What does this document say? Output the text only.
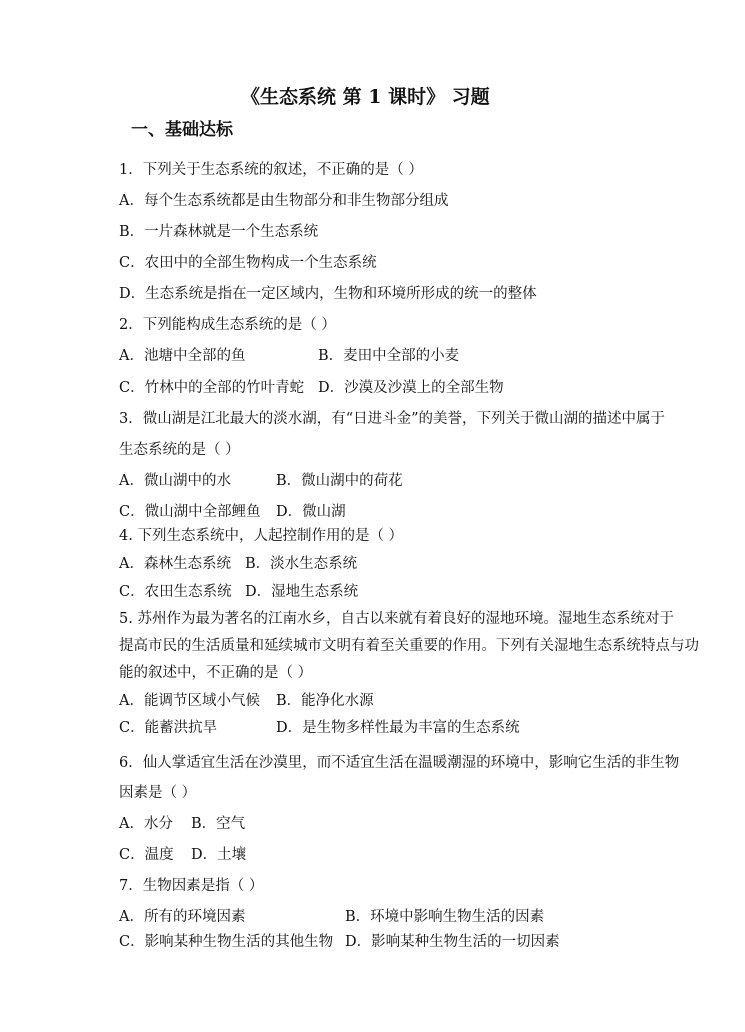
《生态系统 第 1 课时》 习题
一、基础达标
1．下列关于生态系统的叙述，不正确的是（ ）
A．每个生态系统都是由生物部分和非生物部分组成
B．一片森林就是一个生态系统
C．农田中的全部生物构成一个生态系统
D．生态系统是指在一定区域内，生物和环境所形成的统一的整体
2．下列能构成生态系统的是（ ）
A．池塘中全部的鱼	B．麦田中全部的小麦
C．竹林中的全部的竹叶青蛇 D．沙漠及沙漠上的全部生物
3．微山湖是江北最大的淡水湖，有“日进斗金”的美誉，下列关于微山湖的描述中属于
生态系统的是（ ）
A．微山湖中的水	B．微山湖中的荷花
C．微山湖中全部鲤鱼 D．微山湖
4. 下列生态系统中，人起控制作用的是（ ）
A．森林生态系统 B．淡水生态系统
C．农田生态系统 D．湿地生态系统
5. 苏州作为最为著名的江南水乡，自古以来就有着良好的湿地环境。湿地生态系统对于
提高市民的生活质量和延续城市文明有着至关重要的作用。下列有关湿地生态系统特点与功
能的叙述中，不正确的是（ ）
A．能调节区域小气候 B．能净化水源
C．能蓄洪抗旱	D．是生物多样性最为丰富的生态系统
6．仙人掌适宜生活在沙漠里，而不适宜生活在温暖潮湿的环境中，影响它生活的非生物
因素是（ ）
A．水分 B．空气
C．温度 D．土壤
7．生物因素是指（ ）
A．所有的环境因素	B．环境中影响生物生活的因素
C．影响某种生物生活的其他生物 D．影响某种生物生活的一切因素
